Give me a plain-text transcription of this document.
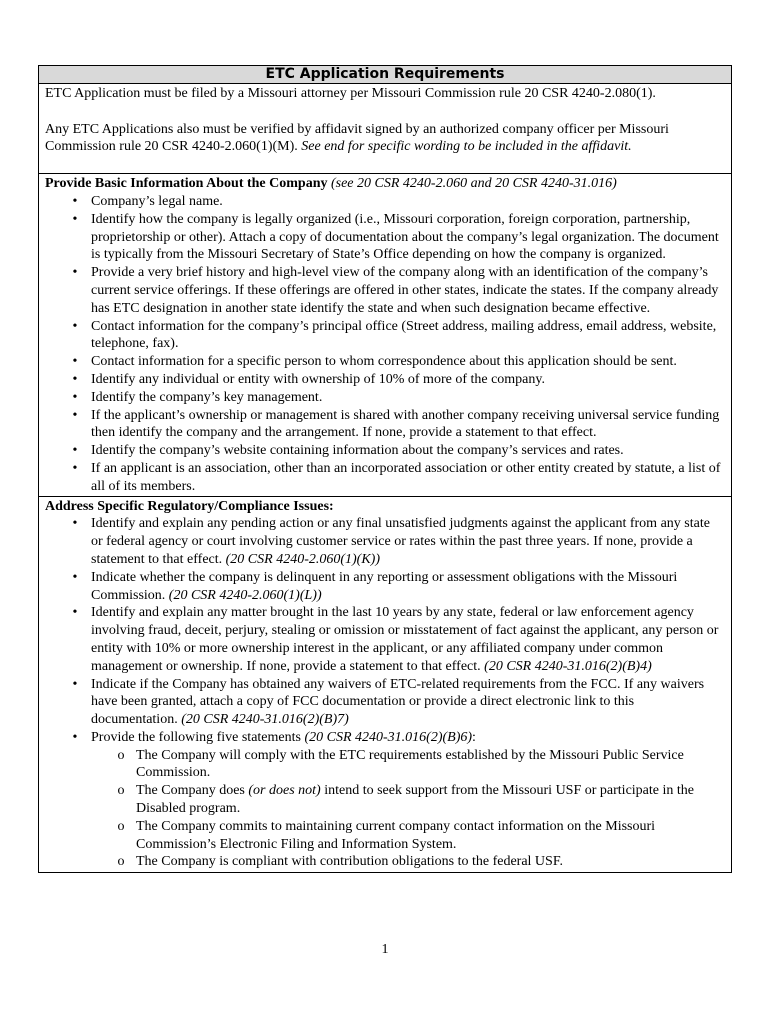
ETC Application Requirements

ETC Application must be filed by a Missouri attorney per Missouri Commission rule 20 CSR 4240-2.080(1).

Any ETC Applications also must be verified by affidavit signed by an authorized company officer per Missouri Commission rule 20 CSR 4240-2.060(1)(M). See end for specific wording to be included in the affidavit.

Provide Basic Information About the Company (see 20 CSR 4240-2.060 and 20 CSR 4240-31.016)

• Company’s legal name.
• Identify how the company is legally organized (i.e., Missouri corporation, foreign corporation, partnership, proprietorship or other). Attach a copy of documentation about the company’s legal organization. The document is typically from the Missouri Secretary of State’s Office depending on how the company is organized.
• Provide a very brief history and high-level view of the company along with an identification of the company’s current service offerings. If these offerings are offered in other states, indicate the states. If the company already has ETC designation in another state identify the state and when such designation became effective.
• Contact information for the company’s principal office (Street address, mailing address, email address, website, telephone, fax).
• Contact information for a specific person to whom correspondence about this application should be sent.
• Identify any individual or entity with ownership of 10% of more of the company.
• Identify the company’s key management.
• If the applicant’s ownership or management is shared with another company receiving universal service funding then identify the company and the arrangement. If none, provide a statement to that effect.
• Identify the company’s website containing information about the company’s services and rates.
• If an applicant is an association, other than an incorporated association or other entity created by statute, a list of all of its members.

Address Specific Regulatory/Compliance Issues:

• Identify and explain any pending action or any final unsatisfied judgments against the applicant from any state or federal agency or court involving customer service or rates within the past three years. If none, provide a statement to that effect. (20 CSR 4240-2.060(1)(K))
• Indicate whether the company is delinquent in any reporting or assessment obligations with the Missouri Commission. (20 CSR 4240-2.060(1)(L))
• Identify and explain any matter brought in the last 10 years by any state, federal or law enforcement agency involving fraud, deceit, perjury, stealing or omission or misstatement of fact against the applicant, any person or entity with 10% or more ownership interest in the applicant, or any affiliated company under common management or ownership. If none, provide a statement to that effect. (20 CSR 4240-31.016(2)(B)4)
• Indicate if the Company has obtained any waivers of ETC-related requirements from the FCC. If any waivers have been granted, attach a copy of FCC documentation or provide a direct electronic link to this documentation. (20 CSR 4240-31.016(2)(B)7)
• Provide the following five statements (20 CSR 4240-31.016(2)(B)6):
o The Company will comply with the ETC requirements established by the Missouri Public Service Commission.
o The Company does (or does not) intend to seek support from the Missouri USF or participate in the Disabled program.
o The Company commits to maintaining current company contact information on the Missouri Commission’s Electronic Filing and Information System.
o The Company is compliant with contribution obligations to the federal USF.
1
